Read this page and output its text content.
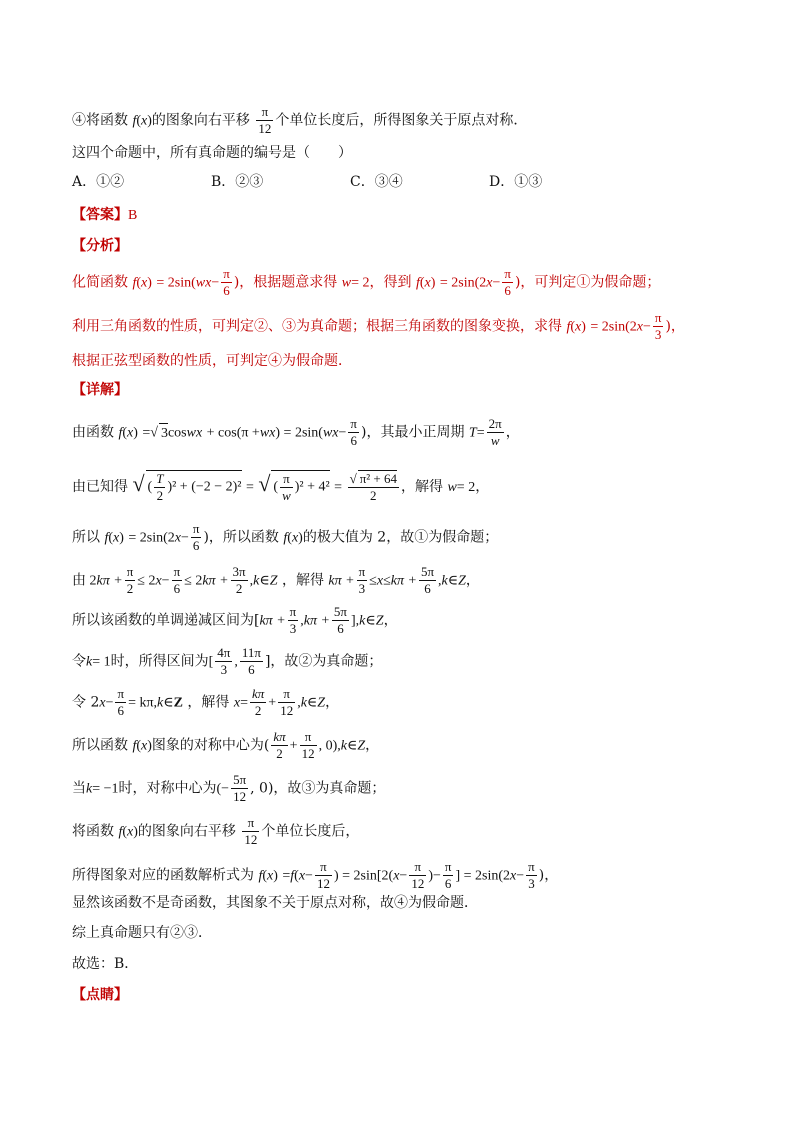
④将函数 f(x)的图象向右平移 $\frac{\pi}{12}$ 个单位长度后，所得图象关于原点对称．
这四个命题中，所有真命题的编号是（　　）
A．①②	B．②③	C．③④	D．①③
【答案】B
【分析】
化简函数 $f(x) = 2\sin(wx- \frac{\pi}{6}$ )，根据题意求得 w= 2，得到 $f(x) = 2\sin(2x- \frac{\pi}{6}$ )，可判定①为假命题；
利用三角函数的性质，可判定②、③为真命题；根据三角函数的图象变换，求得 $f(x) = 2\sin(2x- \frac{\pi}{3}$ )，
根据正弦型函数的性质，可判定④为假命题．
【详解】
由函数 f(x) =√ 3coswx + $\cos(\pi +wx) = 2\sin(wx- \frac{\pi}{6}$ )，其最小正周期 $T= \frac{2\pi}{w}$ ，
由已知得 √ ( $\frac{T}{2} )^2 + (-2 - 2)^2$ = √ ( $\frac{\pi}{w} )^2 + 4^2 = \frac{\text{√ π² + 64}}{2}$ ，解得 w= 2，
所以 $f(x) = 2\sin(2x- \frac{\pi}{6}$ )，所以函数 f(x)的极大值为 2，故①为假命题；
由 $2k\pi + \frac{\pi}{2} \le 2x- \frac{\pi}{6} \le 2k\pi + \frac{3\pi}{2}$ ,k∈Z ，解得 $k\pi + \frac{\pi}{3} \le x\le k\pi + \frac{5\pi}{6}$ ,k∈Z，
所以该函数的单调递减区间为[$k\pi + \frac{\pi}{3} ,k\pi + \frac{5\pi}{6}$ ],k∈Z，
令k= 1时，所得区间为[ $\frac{4\pi}{3}$ , $\frac{11\pi}{6}$ ]，故②为真命题；
令 $2x- \frac{\pi}{6}$ = kπ,k∈Z ，解得 $x= \frac{k\pi}{2} + \frac{\pi}{12}$ ,k∈Z，
所以函数 f(x)图象的对称中心为( $\frac{k\pi}{2} + \frac{\pi}{12}$ , 0),k∈Z，
当k= −1时，对称中心为(− $\frac{5\pi}{12}$ , 0)，故③为真命题；
将函数 f(x)的图象向右平移 $\frac{\pi}{12}$ 个单位长度后，
所得图象对应的函数解析式为 $f(x) =f(x- \frac{\pi}{12}$ ) = $2\sin[2(x- \frac{\pi}{12}$ )− $\frac{\pi}{6}$ ] = $2\sin(2x- \frac{\pi}{3}$ )，
显然该函数不是奇函数，其图象不关于原点对称，故④为假命题．
综上真命题只有②③．
故选：B．
【点睛】
